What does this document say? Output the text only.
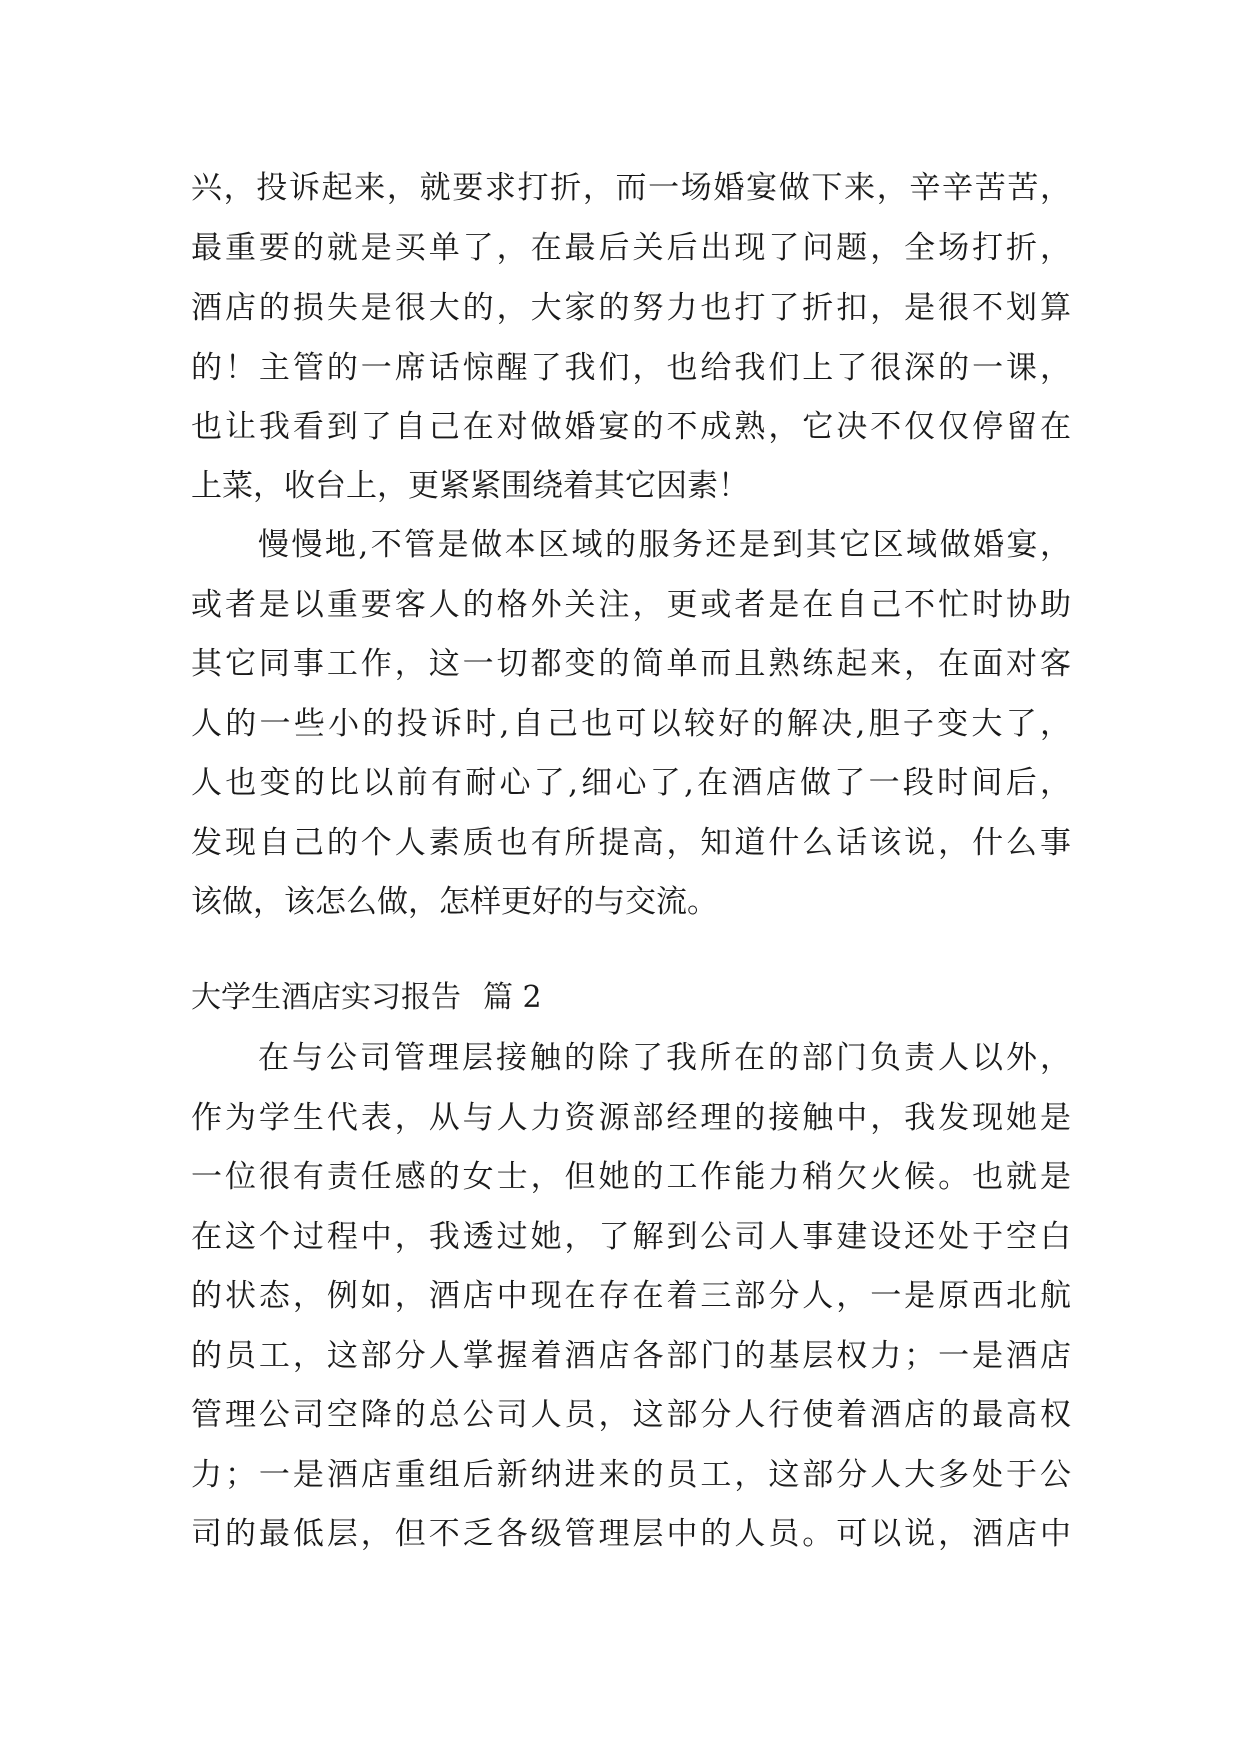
兴，投诉起来，就要求打折，而一场婚宴做下来，辛辛苦苦，
最重要的就是买单了，在最后关后出现了问题，全场打折，
酒店的损失是很大的，大家的努力也打了折扣，是很不划算
的！主管的一席话惊醒了我们，也给我们上了很深的一课，
也让我看到了自己在对做婚宴的不成熟，它决不仅仅停留在
上菜，收台上，更紧紧围绕着其它因素！
慢慢地,不管是做本区域的服务还是到其它区域做婚宴，
或者是以重要客人的格外关注，更或者是在自己不忙时协助
其它同事工作，这一切都变的简单而且熟练起来，在面对客
人的一些小的投诉时,自己也可以较好的解决,胆子变大了，
人也变的比以前有耐心了,细心了,在酒店做了一段时间后，
发现自己的个人素质也有所提高，知道什么话该说，什么事
该做，该怎么做，怎样更好的与交流。
大学生酒店实习报告 篇 2
在与公司管理层接触的除了我所在的部门负责人以外，
作为学生代表，从与人力资源部经理的接触中，我发现她是
一位很有责任感的女士，但她的工作能力稍欠火候。也就是
在这个过程中，我透过她，了解到公司人事建设还处于空白
的状态，例如，酒店中现在存在着三部分人，一是原西北航
的员工，这部分人掌握着酒店各部门的基层权力；一是酒店
管理公司空降的总公司人员，这部分人行使着酒店的最高权
力；一是酒店重组后新纳进来的员工，这部分人大多处于公
司的最低层，但不乏各级管理层中的人员。可以说，酒店中
